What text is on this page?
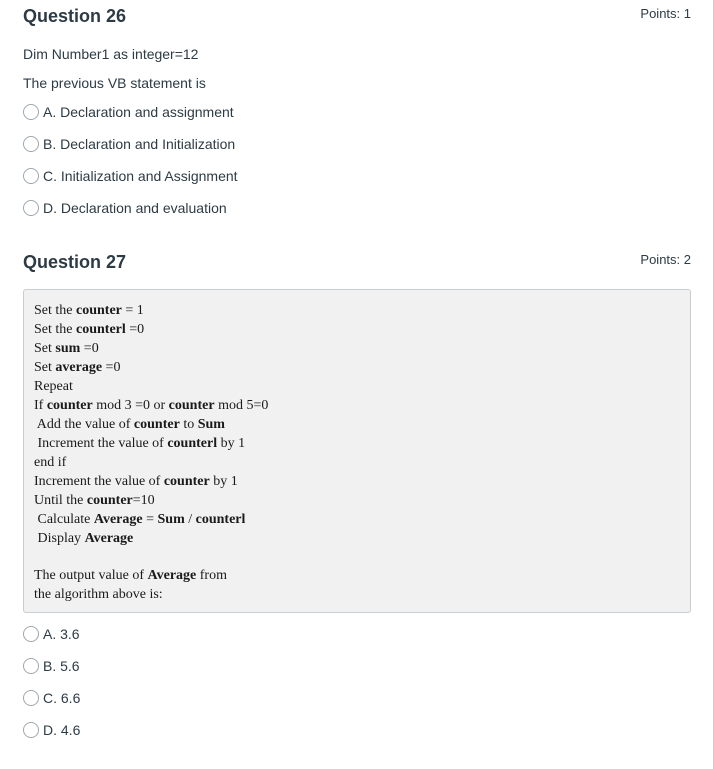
Question 26	Points: 1

Dim Number1 as integer=12

The previous VB statement is

A. Declaration and assignment
B. Declaration and Initialization
C. Initialization and Assignment
D. Declaration and evaluation
Question 27	Points: 2
Set the counter = 1
Set the counterl =0
Set sum =0
Set average =0
Repeat
If counter mod 3 =0 or counter mod 5=0
Add the value of counter to Sum
Increment the value of counterl by 1
end if
Increment the value of counter by 1
Until the counter=10
Calculate Average = Sum / counterl
Display Average
The output value of Average from
the algorithm above is:
A. 3.6
B. 5.6
C. 6.6
D. 4.6
